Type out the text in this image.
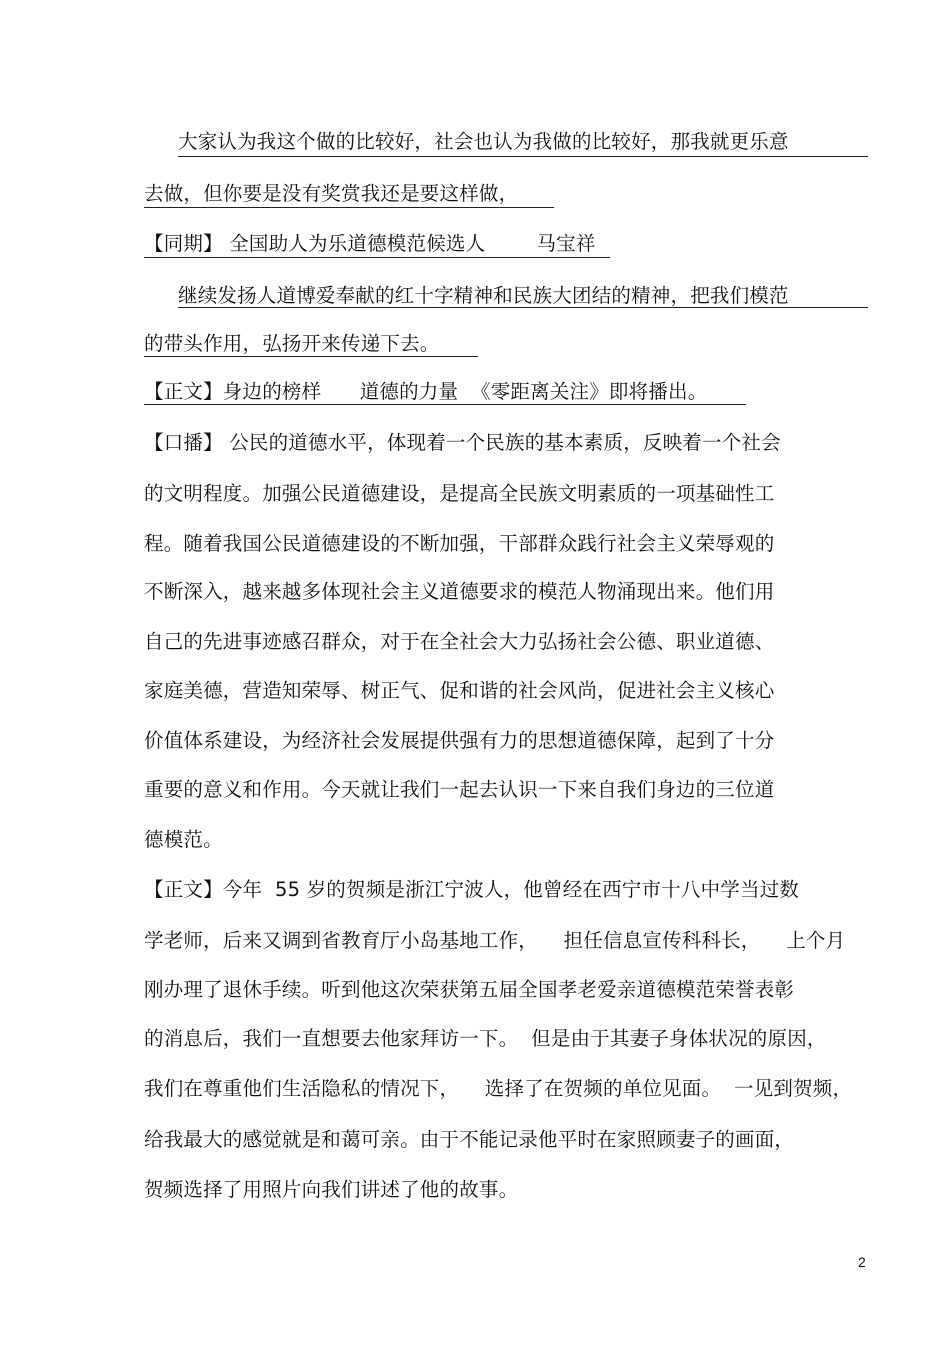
大家认为我这个做的比较好，社会也认为我做的比较好，那我就更乐意
去做，但你要是没有奖赏我还是要这样做，
【同期】 全国助人为乐道德模范候选人        马宝祥
继续发扬人道博爱奉献的红十字精神和民族大团结的精神，把我们模范
的带头作用，弘扬开来传递下去。
【正文】身边的榜样      道德的力量  《零距离关注》即将播出。
【口播】 公民的道德水平，体现着一个民族的基本素质，反映着一个社会
的文明程度。加强公民道德建设，是提高全民族文明素质的一项基础性工
程。随着我国公民道德建设的不断加强，干部群众践行社会主义荣辱观的
不断深入，越来越多体现社会主义道德要求的模范人物涌现出来。他们用
自己的先进事迹感召群众，对于在全社会大力弘扬社会公德、职业道德、
家庭美德，营造知荣辱、树正气、促和谐的社会风尚，促进社会主义核心
价值体系建设，为经济社会发展提供强有力的思想道德保障，起到了十分
重要的意义和作用。今天就让我们一起去认识一下来自我们身边的三位道
德模范。
【正文】今年  55 岁的贺频是浙江宁波人，他曾经在西宁市十八中学当过数
学老师，后来又调到省教育厅小岛基地工作，    担任信息宣传科科长，    上个月
刚办理了退休手续。听到他这次荣获第五届全国孝老爱亲道德模范荣誉表彰
的消息后，我们一直想要去他家拜访一下。  但是由于其妻子身体状况的原因，
我们在尊重他们生活隐私的情况下，    选择了在贺频的单位见面。  一见到贺频，
给我最大的感觉就是和蔼可亲。由于不能记录他平时在家照顾妻子的画面，
贺频选择了用照片向我们讲述了他的故事。
2
